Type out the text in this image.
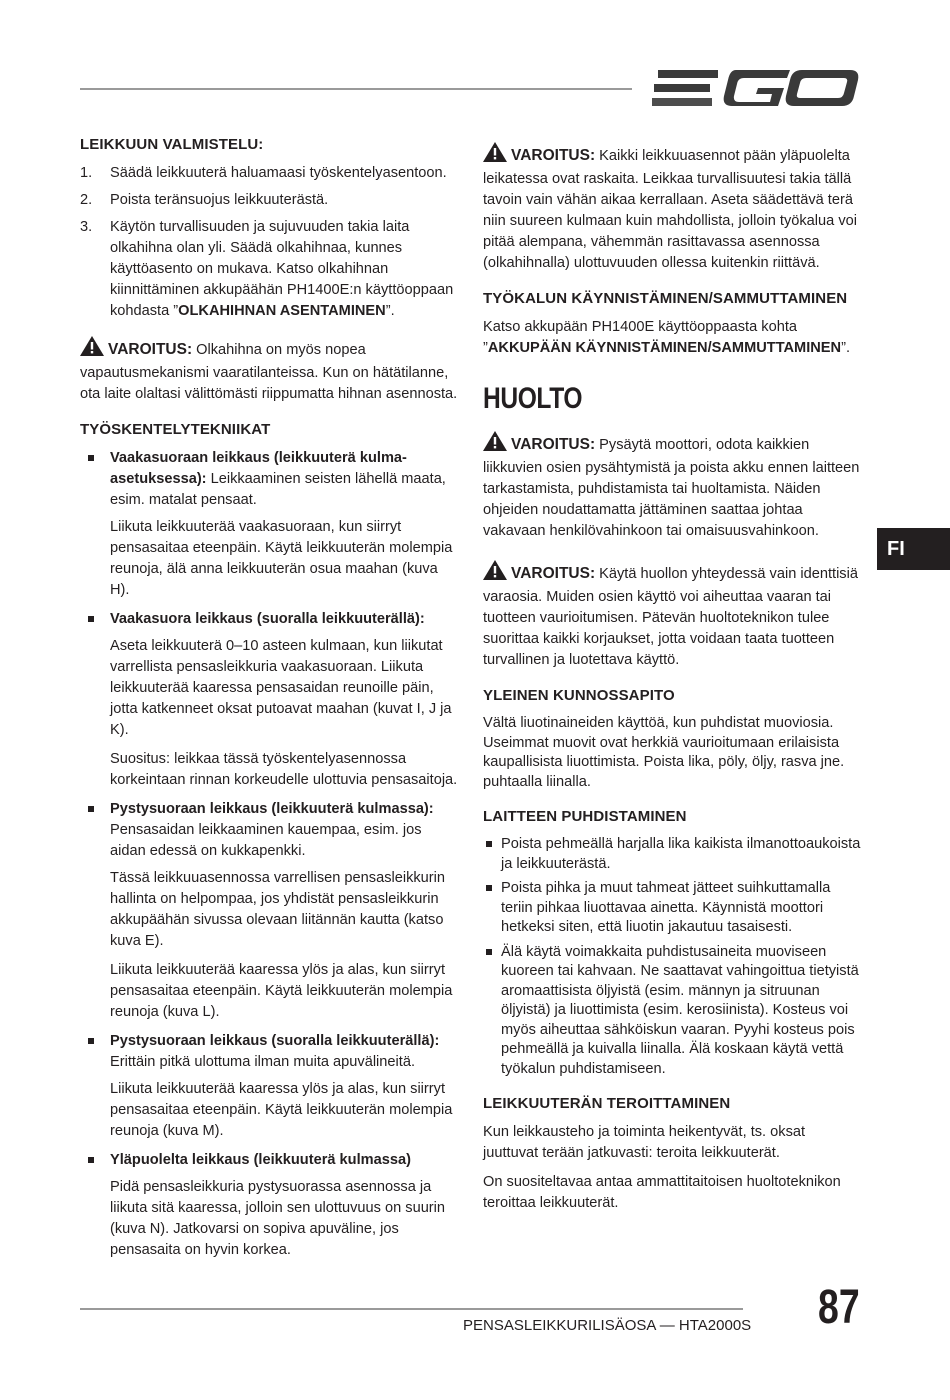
LEIKKUUN VALMISTELU:
1. Säädä leikkuuterä haluamaasi työskentelyasentoon.
2. Poista teränsuojus leikkuuterästä.
3. Käytön turvallisuuden ja sujuvuuden takia laita olkahihna olan yli. Säädä olkahihnaa, kunnes käyttöasento on mukava. Katso olkahihnan kiinnittäminen akkupäähän PH1400E:n käyttöoppaan kohdasta ”OLKAHIHNAN ASENTAMINEN”.
VAROITUS: Olkahihna on myös nopea vapautusmekanismi vaaratilanteissa. Kun on hätätilanne, ota laite olaltasi välittömästi riippumatta hihnan asennosta.
TYÖSKENTELYTEKNIIKAT
Vaakasuoraan leikkaus (leikkuuterä kulma-asetuksessa): Leikkaaminen seisten lähellä maata, esim. matalat pensaat.

Liikuta leikkuuterää vaakasuoraan, kun siirryt pensasaitaa eteenpäin. Käytä leikkuuterän molempia reunoja, älä anna leikkuuterän osua maahan (kuva H).

Vaakasuora leikkaus (suoralla leikkuuterällä):

Aseta leikkuuterä 0–10 asteen kulmaan, kun liikutat varrellista pensasleikkuria vaakasuoraan. Liikuta leikkuuterää kaaressa pensasaidan reunoille päin, jotta katkenneet oksat putoavat maahan (kuvat I, J ja K).

Suositus: leikkaa tässä työskentelyasennossa korkeintaan rinnan korkeudelle ulottuvia pensasaitoja.

Pystysuoraan leikkaus (leikkuuterä kulmassa): Pensasaidan leikkaaminen kauempaa, esim. jos aidan edessä on kukkapenkki.

Tässä leikkuuasennossa varrellisen pensasleikkurin hallinta on helpompaa, jos yhdistät pensasleikkurin akkupäähän sivussa olevaan liitännän kautta (katso kuva E).

Liikuta leikkuuterää kaaressa ylös ja alas, kun siirryt pensasaitaa eteenpäin. Käytä leikkuuterän molempia reunoja (kuva L).

Pystysuoraan leikkaus (suoralla leikkuuterällä): Erittäin pitkä ulottuma ilman muita apuvälineitä.

Liikuta leikkuuterää kaaressa ylös ja alas, kun siirryt pensasaitaa eteenpäin. Käytä leikkuuterän molempia reunoja (kuva M).

Yläpuolelta leikkaus (leikkuuterä kulmassa)

Pidä pensasleikkuria pystysuorassa asennossa ja liikuta sitä kaaressa, jolloin sen ulottuvuus on suurin (kuva N). Jatkovarsi on sopiva apuväline, jos pensasaita on hyvin korkea.

VAROITUS: Kaikki leikkuuasennot pään yläpuolelta leikatessa ovat raskaita. Leikkaa turvallisuutesi takia tällä tavoin vain vähän aikaa kerrallaan. Aseta säädettävä terä niin suureen kulmaan kuin mahdollista, jolloin työkalua voi pitää alempana, vähemmän rasittavassa asennossa (olkahihnalla) ulottuvuuden ollessa kuitenkin riittävä.
TYÖKALUN KÄYNNISTÄMINEN/SAMMUTTAMINEN

Katso akkupään PH1400E käyttöoppaasta kohta ”AKKUPÄÄN KÄYNNISTÄMINEN/SAMMUTTAMINEN”.

HUOLTO
VAROITUS: Pysäytä moottori, odota kaikkien liikkuvien osien pysähtymistä ja poista akku ennen laitteen tarkastamista, puhdistamista tai huoltamista. Näiden ohjeiden noudattamatta jättäminen saattaa johtaa vakavaan henkilövahinkoon tai omaisuusvahinkoon.
VAROITUS: Käytä huollon yhteydessä vain identtisiä varaosia. Muiden osien käyttö voi aiheuttaa vaaran tai tuotteen vaurioitumisen. Pätevän huoltoteknikon tulee suorittaa kaikki korjaukset, jotta voidaan taata tuotteen turvallinen ja luotettava käyttö.
YLEINEN KUNNOSSAPITO

Vältä liuotinaineiden käyttöä, kun puhdistat muoviosia. Useimmat muovit ovat herkkiä vaurioitumaan erilaisista kaupallisista liuottimista. Poista lika, pöly, öljy, rasva jne. puhtaalla liinalla.

LAITTEEN PUHDISTAMINEN
Poista pehmeällä harjalla lika kaikista ilmanottoaukoista ja leikkuuterästä.
Poista pihka ja muut tahmeat jätteet suihkuttamalla teriin pihkaa liuottavaa ainetta. Käynnistä moottori hetkeksi siten, että liuotin jakautuu tasaisesti.
Älä käytä voimakkaita puhdistusaineita muoviseen kuoreen tai kahvaan. Ne saattavat vahingoittua tietyistä aromaattisista öljyistä (esim. männyn ja sitruunan öljyistä) ja liuottimista (esim. kerosiinista). Kosteus voi myös aiheuttaa sähköiskun vaaran. Pyyhi kosteus pois pehmeällä ja kuivalla liinalla. Älä koskaan käytä vettä työkalun puhdistamiseen.
LEIKKUUTERÄN TEROITTAMINEN

Kun leikkausteho ja toiminta heikentyvät, ts. oksat juuttuvat terään jatkuvasti: teroita leikkuuterät.

On suositeltavaa antaa ammattitaitoisen huoltoteknikon teroittaa leikkuuterät.

FI
PENSASLEIKKURILISÄOSA — HTA2000S 87
